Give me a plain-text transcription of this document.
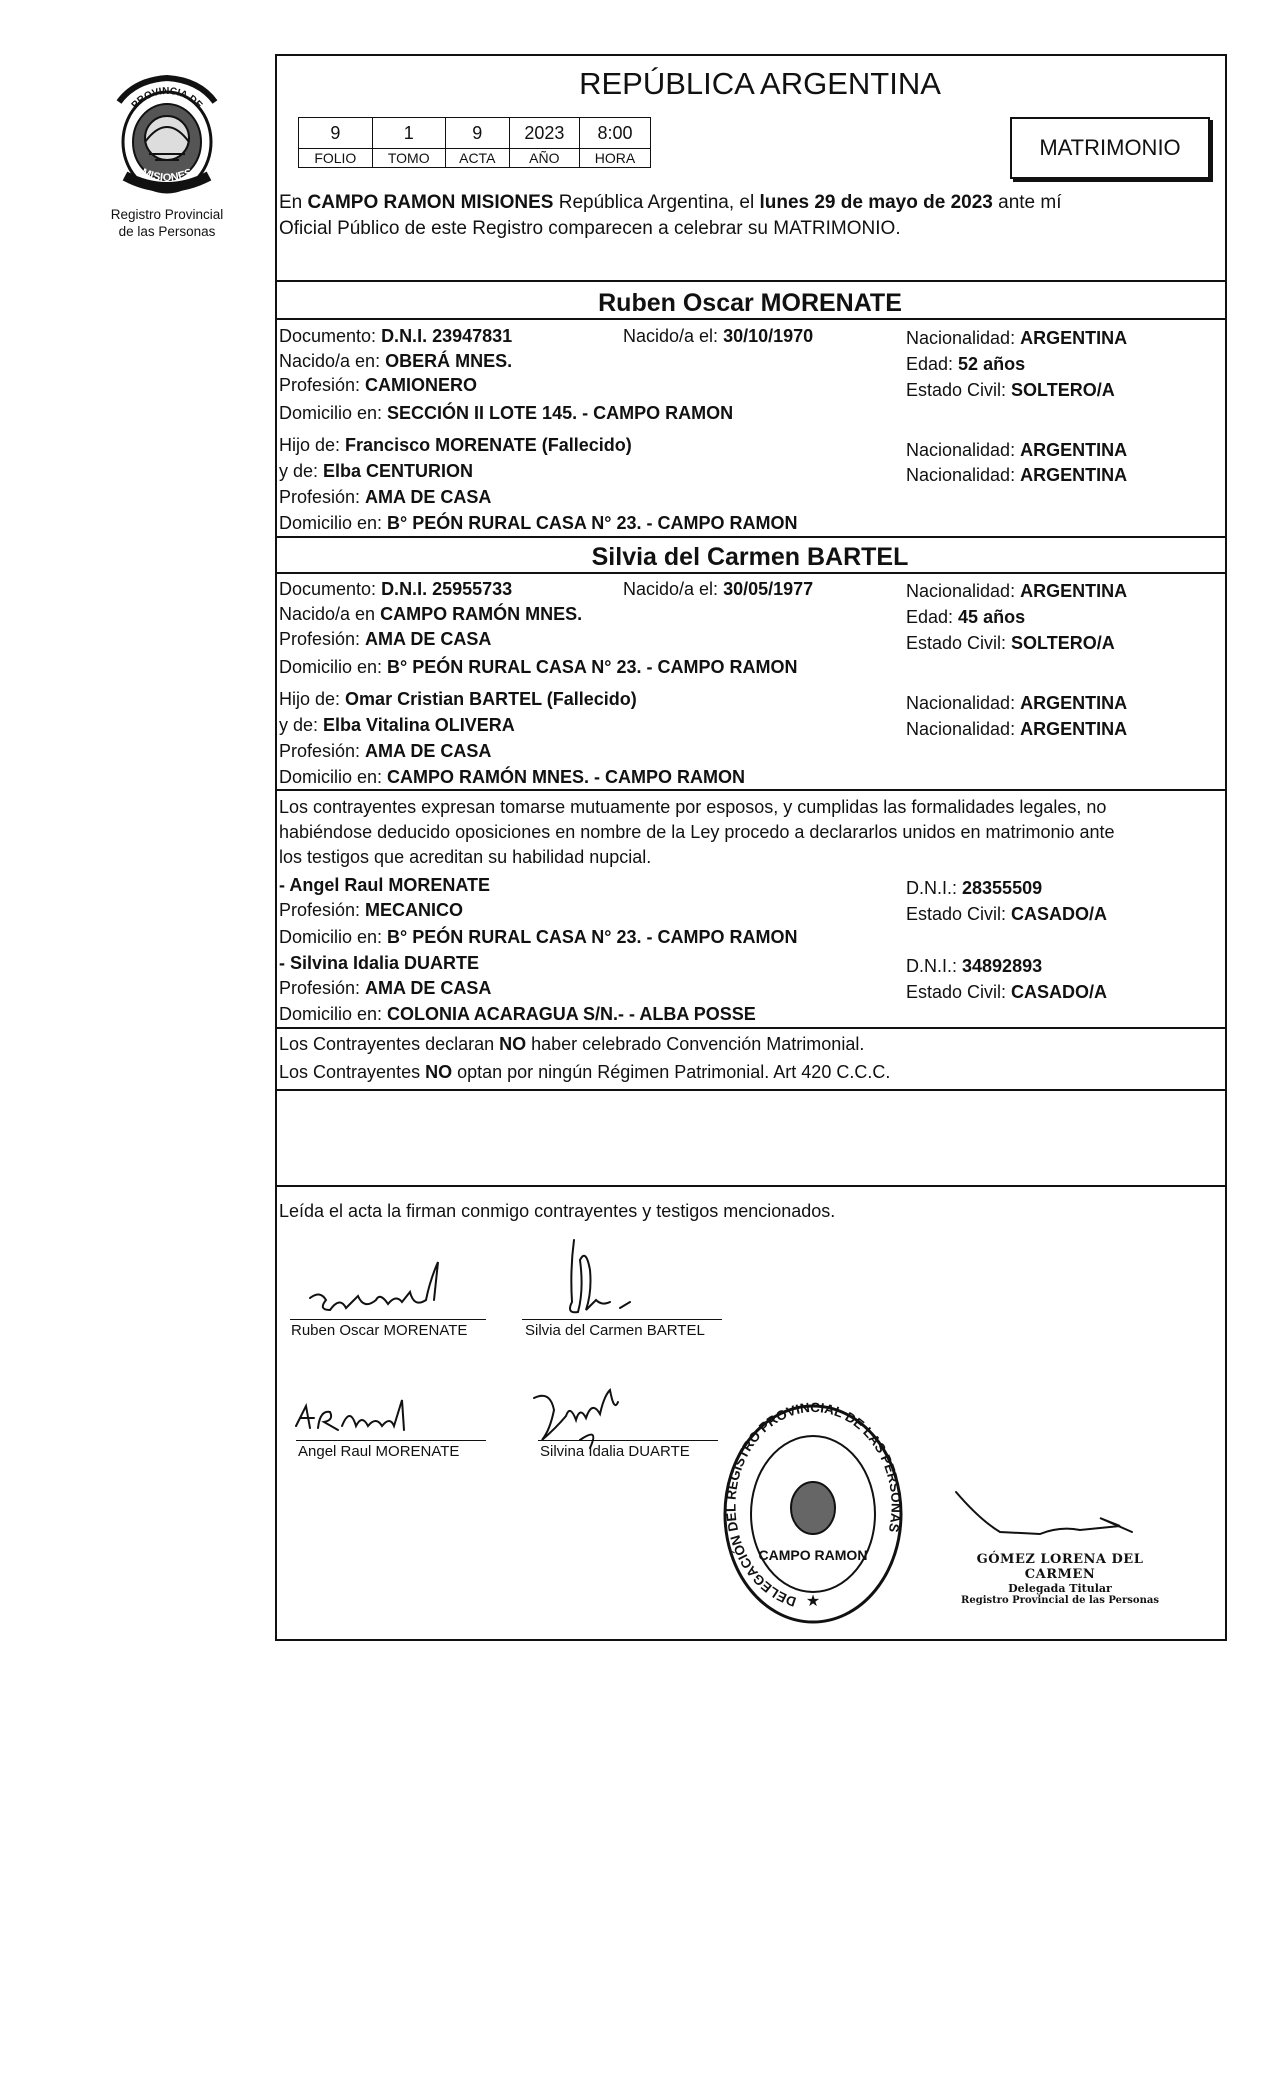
PROVINCIA DE
MISIONES
Registro Provincial
de las Personas
REPÚBLICA ARGENTINA
9	1	9	2023	8:00
FOLIO	TOMO	ACTA	AÑO	HORA	MATRIMONIO
En CAMPO RAMON MISIONES República Argentina, el lunes 29 de mayo de 2023 ante mí
Oficial Público de este Registro comparecen a celebrar su MATRIMONIO.
Ruben Oscar MORENATE
Documento: D.N.I. 23947831	Nacido/a el: 30/10/1970	Nacionalidad: ARGENTINA
Nacido/a en: OBERÁ MNES.	Edad: 52 años
Profesión: CAMIONERO	Estado Civil: SOLTERO/A
Domicilio en: SECCIÓN II LOTE 145. - CAMPO RAMON
Hijo de: Francisco MORENATE (Fallecido)	Nacionalidad: ARGENTINA
y de: Elba CENTURION	Nacionalidad: ARGENTINA
Profesión: AMA DE CASA
Domicilio en: B° PEÓN RURAL CASA N° 23. - CAMPO RAMON
Silvia del Carmen BARTEL
Documento: D.N.I. 25955733	Nacido/a el: 30/05/1977	Nacionalidad: ARGENTINA
Nacido/a en CAMPO RAMÓN MNES.	Edad: 45 años
Profesión: AMA DE CASA	Estado Civil: SOLTERO/A
Domicilio en: B° PEÓN RURAL CASA N° 23. - CAMPO RAMON
Hijo de: Omar Cristian BARTEL (Fallecido)	Nacionalidad: ARGENTINA
y de: Elba Vitalina OLIVERA	Nacionalidad: ARGENTINA
Profesión: AMA DE CASA
Domicilio en: CAMPO RAMÓN MNES. - CAMPO RAMON
Los contrayentes expresan tomarse mutuamente por esposos, y cumplidas las formalidades legales, no
habiéndose deducido oposiciones en nombre de la Ley procedo a declararlos unidos en matrimonio ante
los testigos que acreditan su habilidad nupcial.
- Angel Raul MORENATE	D.N.I.: 28355509
Profesión: MECANICO	Estado Civil: CASADO/A
Domicilio en: B° PEÓN RURAL CASA N° 23. - CAMPO RAMON
- Silvina Idalia DUARTE	D.N.I.: 34892893
Profesión: AMA DE CASA	Estado Civil: CASADO/A
Domicilio en: COLONIA ACARAGUA S/N.- - ALBA POSSE
Los Contrayentes declaran NO haber celebrado Convención Matrimonial.
Los Contrayentes NO optan por ningún Régimen Patrimonial. Art 420 C.C.C.
Leída el acta la firman conmigo contrayentes y testigos mencionados.
Ruben Oscar MORENATE	Silvia del Carmen BARTEL
Angel Raul MORENATE	Silvina Idalia DUARTE
DELEGACIÓN DEL REGISTRO PROVINCIAL DE LAS PERSONAS
CAMPO RAMON
★
GÓMEZ LORENA DEL CARMEN
Delegada Titular
Registro Provincial de las Personas
